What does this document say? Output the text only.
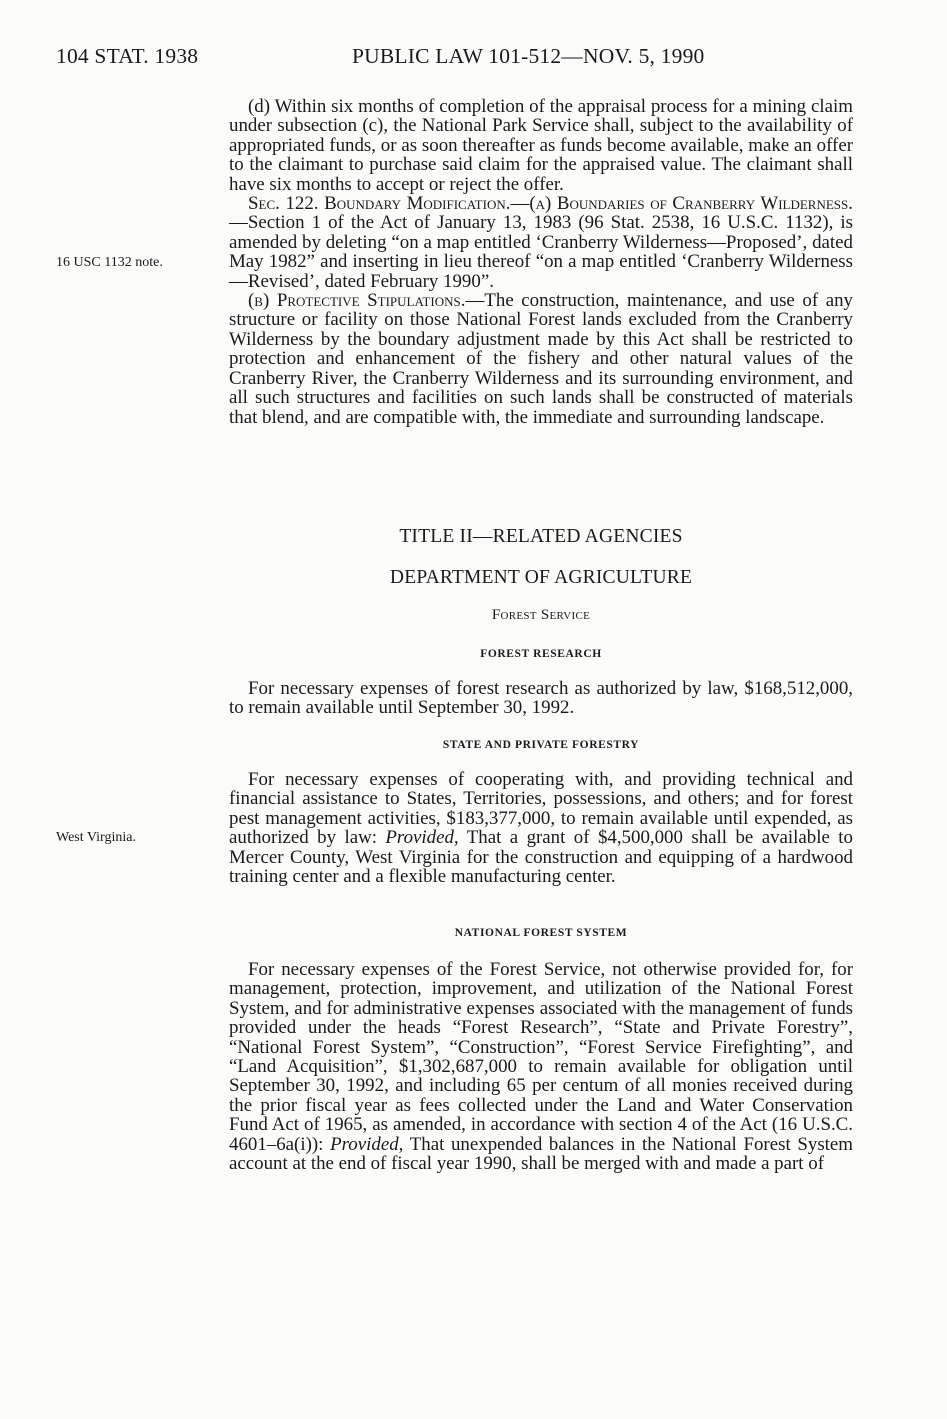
104 STAT. 1938	PUBLIC LAW 101-512—NOV. 5, 1990
16 USC 1132 note.

(d) Within six months of completion of the appraisal process for a mining claim under subsection (c), the National Park Service shall, subject to the availability of appropriated funds, or as soon thereafter as funds become available, make an offer to the claimant to purchase said claim for the appraised value. The claimant shall have six months to accept or reject the offer.

Sec. 122. Boundary Modification.—(a) Boundaries of Cranberry Wilderness.—Section 1 of the Act of January 13, 1983 (96 Stat. 2538, 16 U.S.C. 1132), is amended by deleting “on a map entitled ‘Cranberry Wilderness—Proposed’, dated May 1982” and inserting in lieu thereof “on a map entitled ‘Cranberry Wilderness—Revised’, dated February 1990”.

(b) Protective Stipulations.—The construction, maintenance, and use of any structure or facility on those National Forest lands excluded from the Cranberry Wilderness by the boundary adjustment made by this Act shall be restricted to protection and enhancement of the fishery and other natural values of the Cranberry River, the Cranberry Wilderness and its surrounding environment, and all such structures and facilities on such lands shall be constructed of materials that blend, and are compatible with, the immediate and surrounding landscape.

TITLE II—RELATED AGENCIES
DEPARTMENT OF AGRICULTURE
Forest Service
FOREST RESEARCH

For necessary expenses of forest research as authorized by law, $168,512,000, to remain available until September 30, 1992.

STATE AND PRIVATE FORESTRY
West Virginia.

For necessary expenses of cooperating with, and providing technical and financial assistance to States, Territories, possessions, and others; and for forest pest management activities, $183,377,000, to remain available until expended, as authorized by law: Provided, That a grant of $4,500,000 shall be available to Mercer County, West Virginia for the construction and equipping of a hardwood training center and a flexible manufacturing center.

NATIONAL FOREST SYSTEM

For necessary expenses of the Forest Service, not otherwise provided for, for management, protection, improvement, and utilization of the National Forest System, and for administrative expenses associated with the management of funds provided under the heads “Forest Research”, “State and Private Forestry”, “National Forest System”, “Construction”, “Forest Service Firefighting”, and “Land Acquisition”, $1,302,687,000 to remain available for obligation until September 30, 1992, and including 65 per centum of all monies received during the prior fiscal year as fees collected under the Land and Water Conservation Fund Act of 1965, as amended, in accordance with section 4 of the Act (16 U.S.C. 4601–6a(i)): Provided, That unexpended balances in the National Forest System account at the end of fiscal year 1990, shall be merged with and made a part of
